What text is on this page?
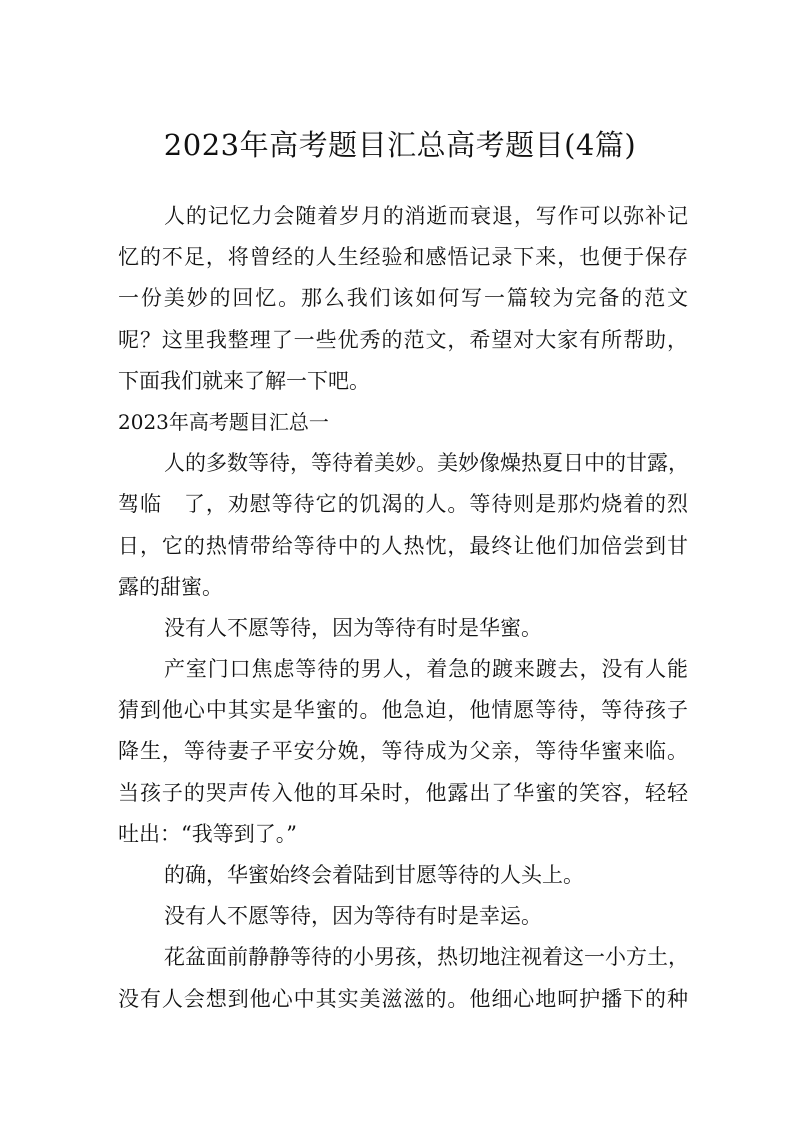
2023年高考题目汇总高考题目(4篇)
人的记忆力会随着岁月的消逝而衰退，写作可以弥补记
忆的不足，将曾经的人生经验和感悟记录下来，也便于保存
一份美妙的回忆。那么我们该如何写一篇较为完备的范文
呢？这里我整理了一些优秀的范文，希望对大家有所帮助，
下面我们就来了解一下吧。
2023年高考题目汇总一
人的多数等待，等待着美妙。美妙像燥热夏日中的甘露，
驾临　了，劝慰等待它的饥渴的人。等待则是那灼烧着的烈
日，它的热情带给等待中的人热忱，最终让他们加倍尝到甘
露的甜蜜。
没有人不愿等待，因为等待有时是华蜜。
产室门口焦虑等待的男人，着急的踱来踱去，没有人能
猜到他心中其实是华蜜的。他急迫，他情愿等待，等待孩子
降生，等待妻子平安分娩，等待成为父亲，等待华蜜来临。
当孩子的哭声传入他的耳朵时，他露出了华蜜的笑容，轻轻
吐出：“我等到了。”
的确，华蜜始终会着陆到甘愿等待的人头上。
没有人不愿等待，因为等待有时是幸运。
花盆面前静静等待的小男孩，热切地注视着这一小方土，
没有人会想到他心中其实美滋滋的。他细心地呵护播下的种
